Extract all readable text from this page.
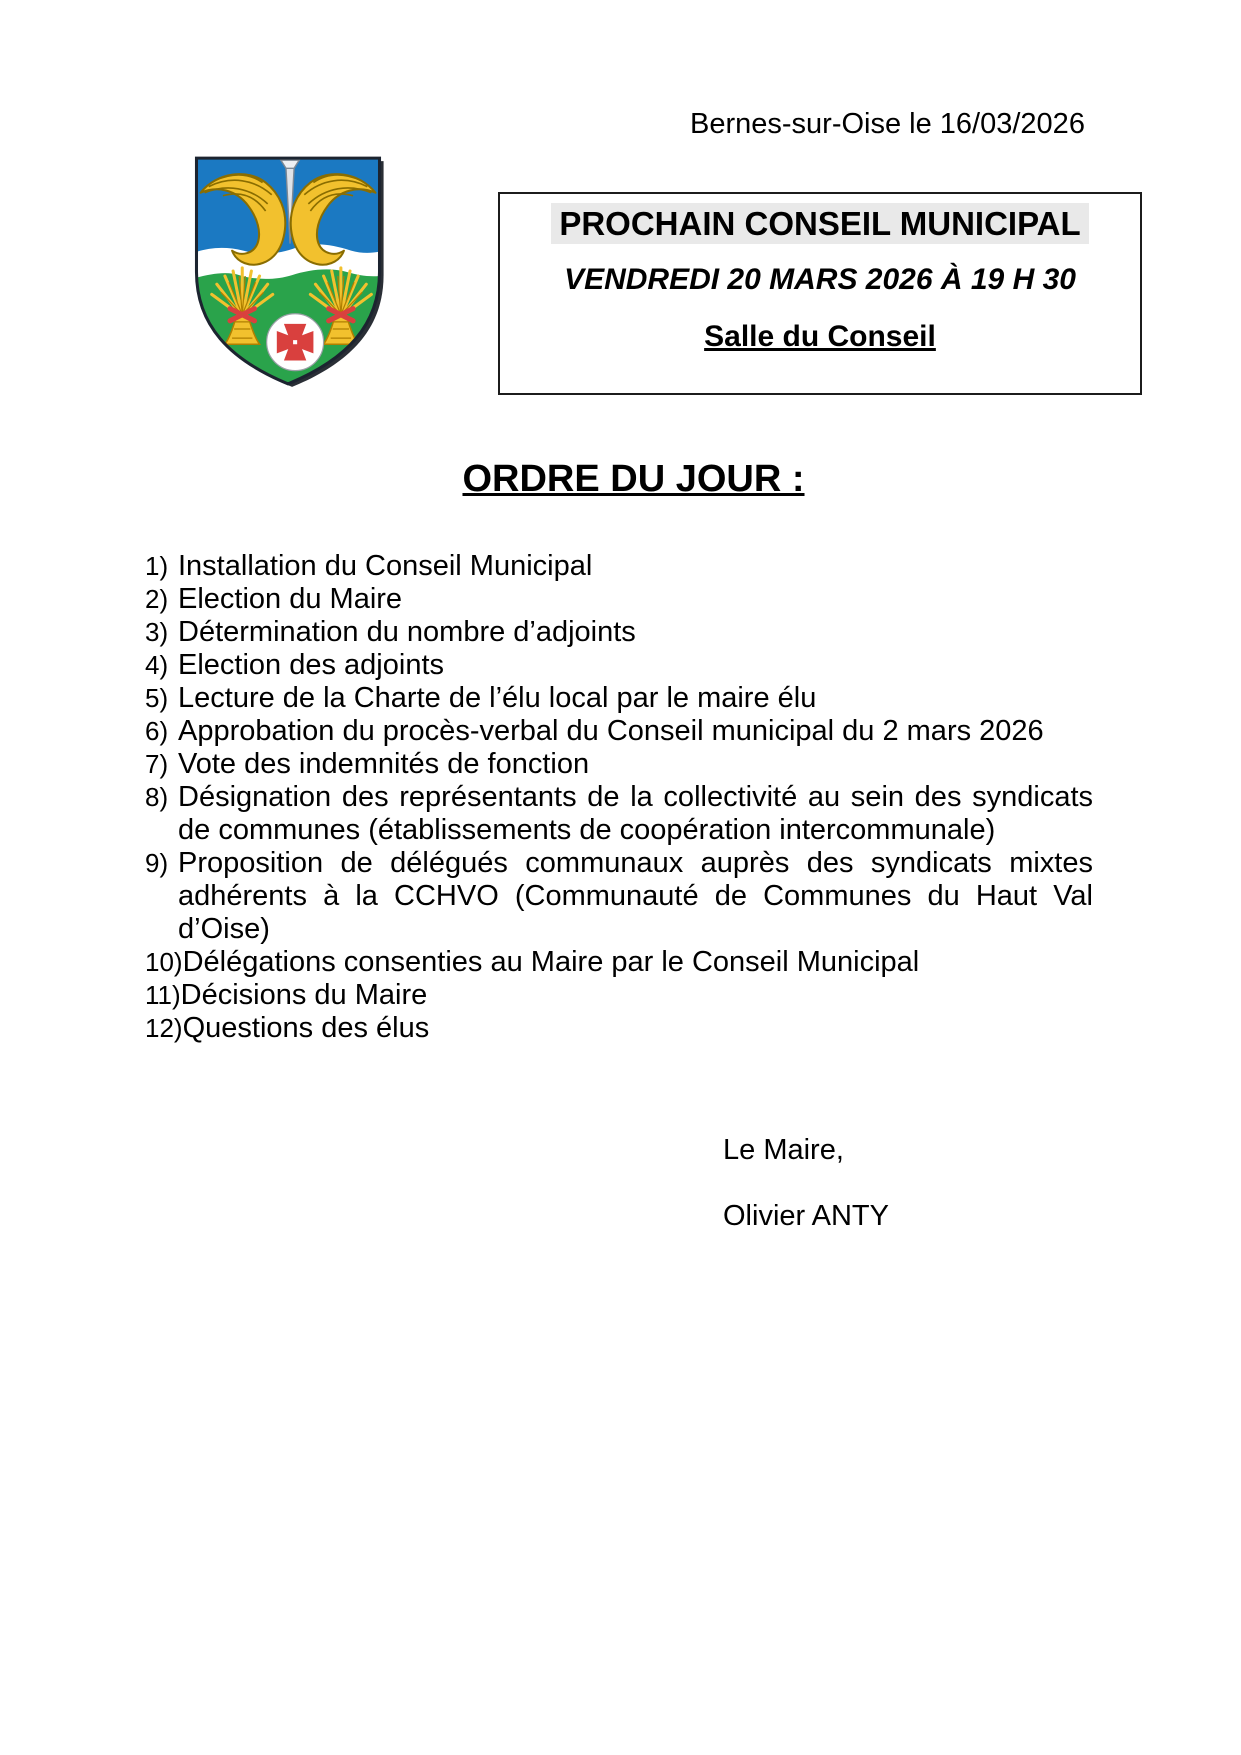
Bernes-sur-Oise le 16/03/2026
PROCHAIN CONSEIL MUNICIPAL
VENDREDI 20 MARS 2026 À 19 H 30
Salle du Conseil
ORDRE DU JOUR :
1) Installation du Conseil Municipal
2) Election du Maire
3) Détermination du nombre d’adjoints
4) Election des adjoints
5) Lecture de la Charte de l’élu local par le maire élu
6) Approbation du procès-verbal du Conseil municipal du 2 mars 2026
7) Vote des indemnités de fonction
8) Désignation des représentants de la collectivité au sein des syndicats de communes (établissements de coopération intercommunale)
9) Proposition de délégués communaux auprès des syndicats mixtes adhérents à la CCHVO (Communauté de Communes du Haut Val d’Oise)
10) Délégations consenties au Maire par le Conseil Municipal
11) Décisions du Maire
12) Questions des élus
Le Maire,
Olivier ANTY
